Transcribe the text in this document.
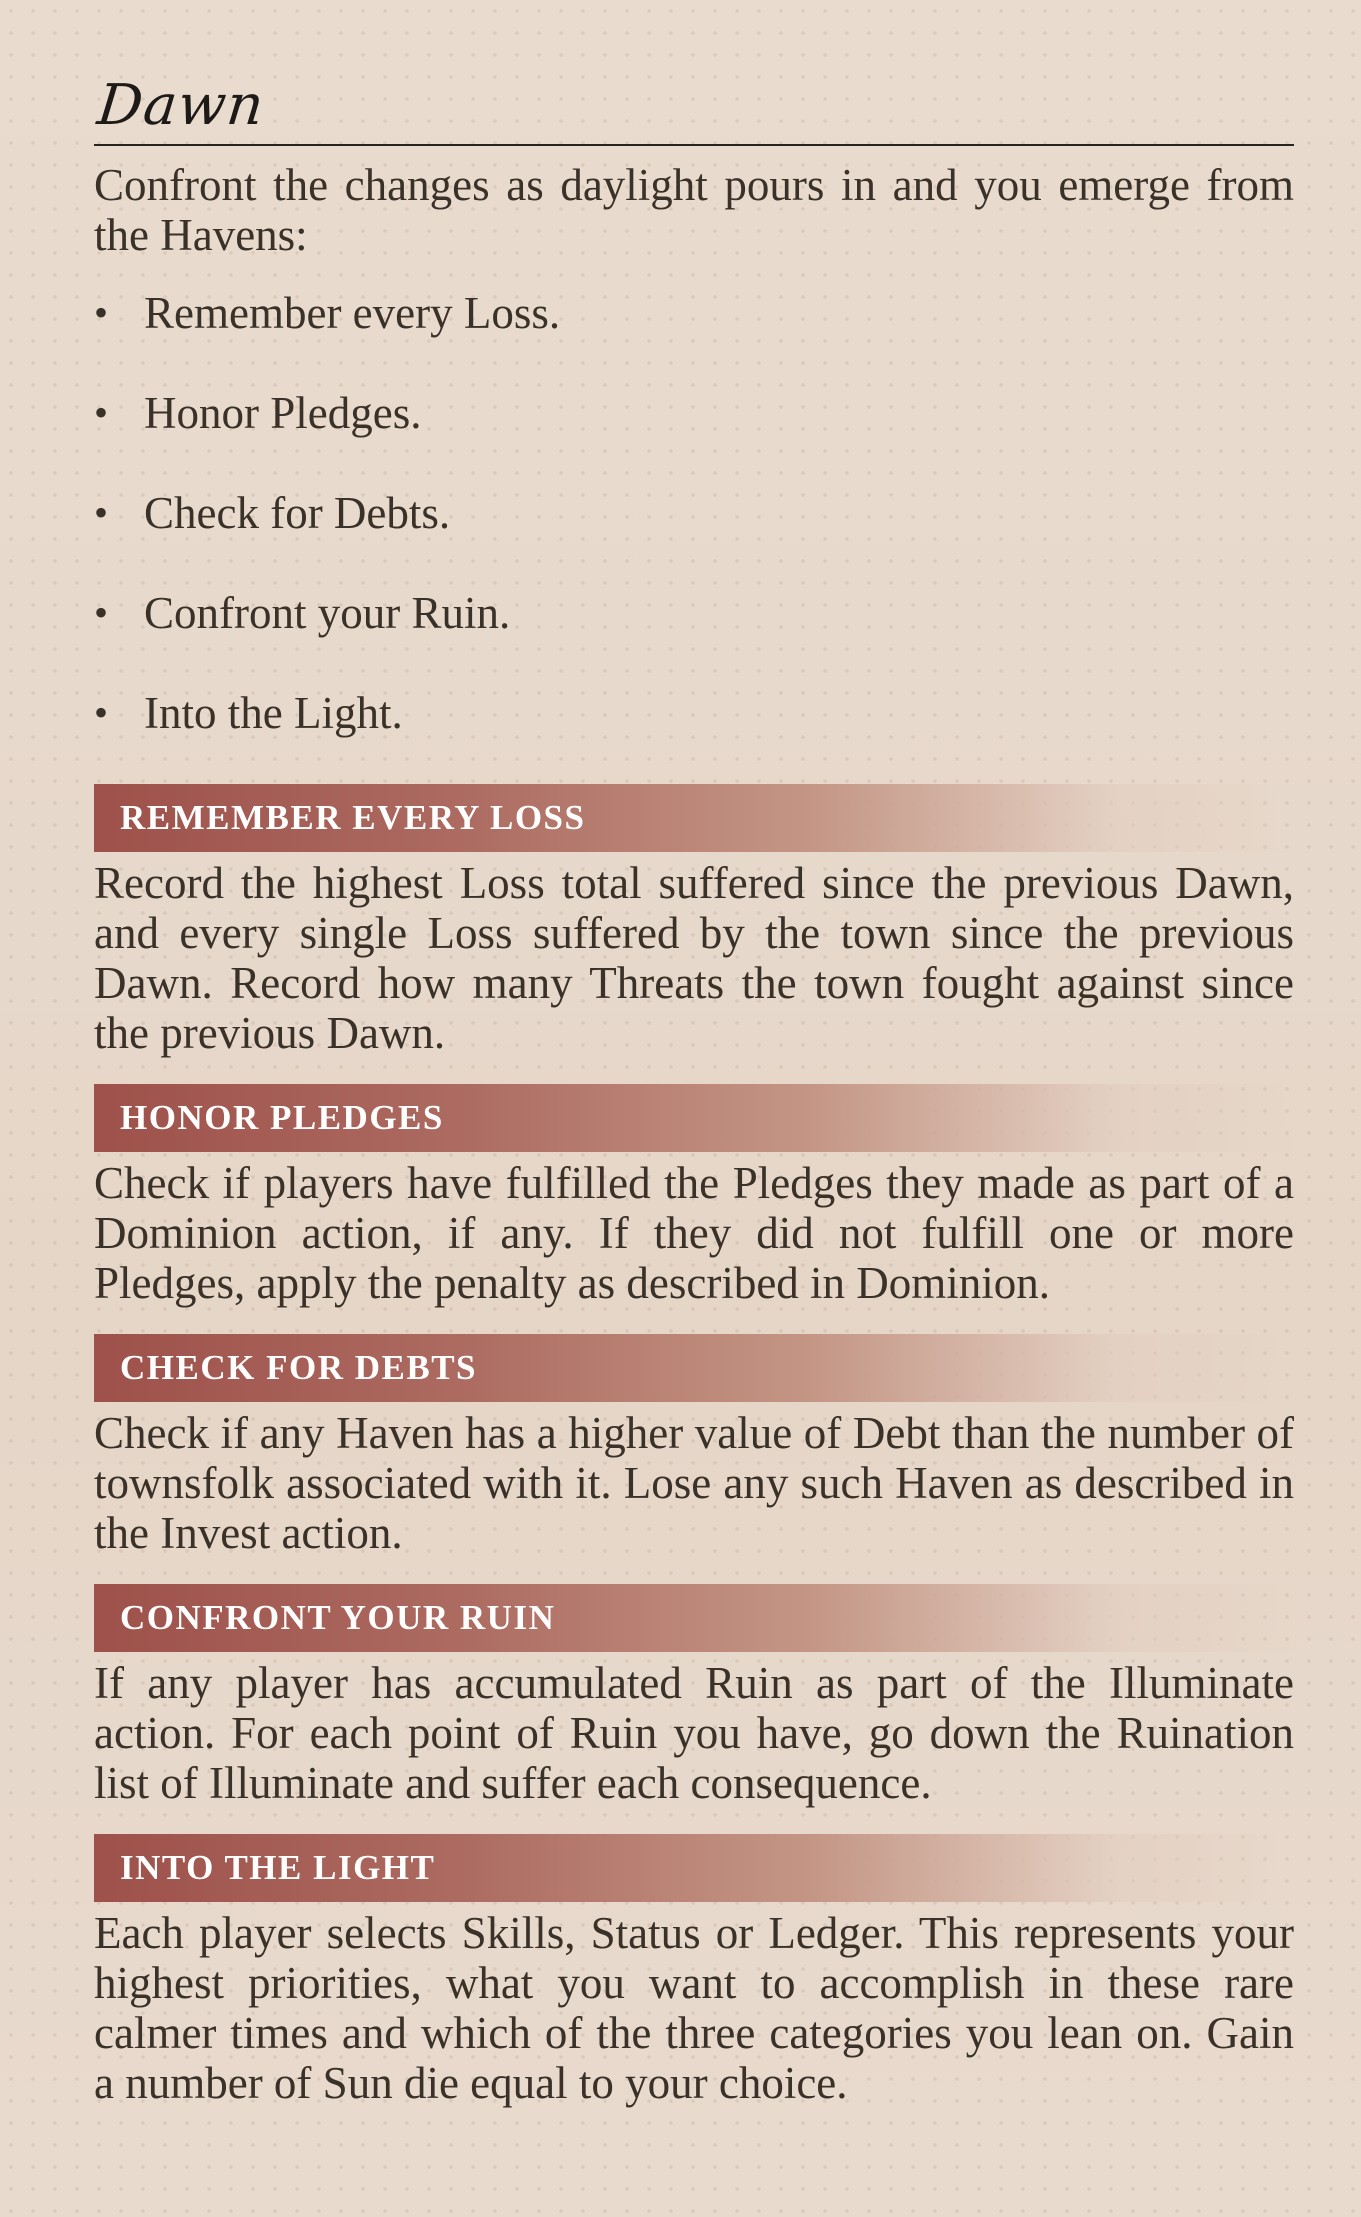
Dawn

Confront the changes as daylight pours in and you emerge from the Havens:

• Remember every Loss.
• Honor Pledges.
• Check for Debts.
• Confront your Ruin.
• Into the Light.
REMEMBER EVERY LOSS

Record the highest Loss total suffered since the previous Dawn, and every single Loss suffered by the town since the previous Dawn. Record how many Threats the town fought against since the previous Dawn.

HONOR PLEDGES

Check if players have fulfilled the Pledges they made as part of a Dominion action, if any. If they did not fulfill one or more Pledges, apply the penalty as described in Dominion.

CHECK FOR DEBTS

Check if any Haven has a higher value of Debt than the number of townsfolk associated with it. Lose any such Haven as described in the Invest action.

CONFRONT YOUR RUIN

If any player has accumulated Ruin as part of the Illuminate action. For each point of Ruin you have, go down the Ruination list of Illuminate and suffer each consequence.

INTO THE LIGHT

Each player selects Skills, Status or Ledger. This represents your highest priorities, what you want to accomplish in these rare calmer times and which of the three categories you lean on. Gain a number of Sun die equal to your choice.
